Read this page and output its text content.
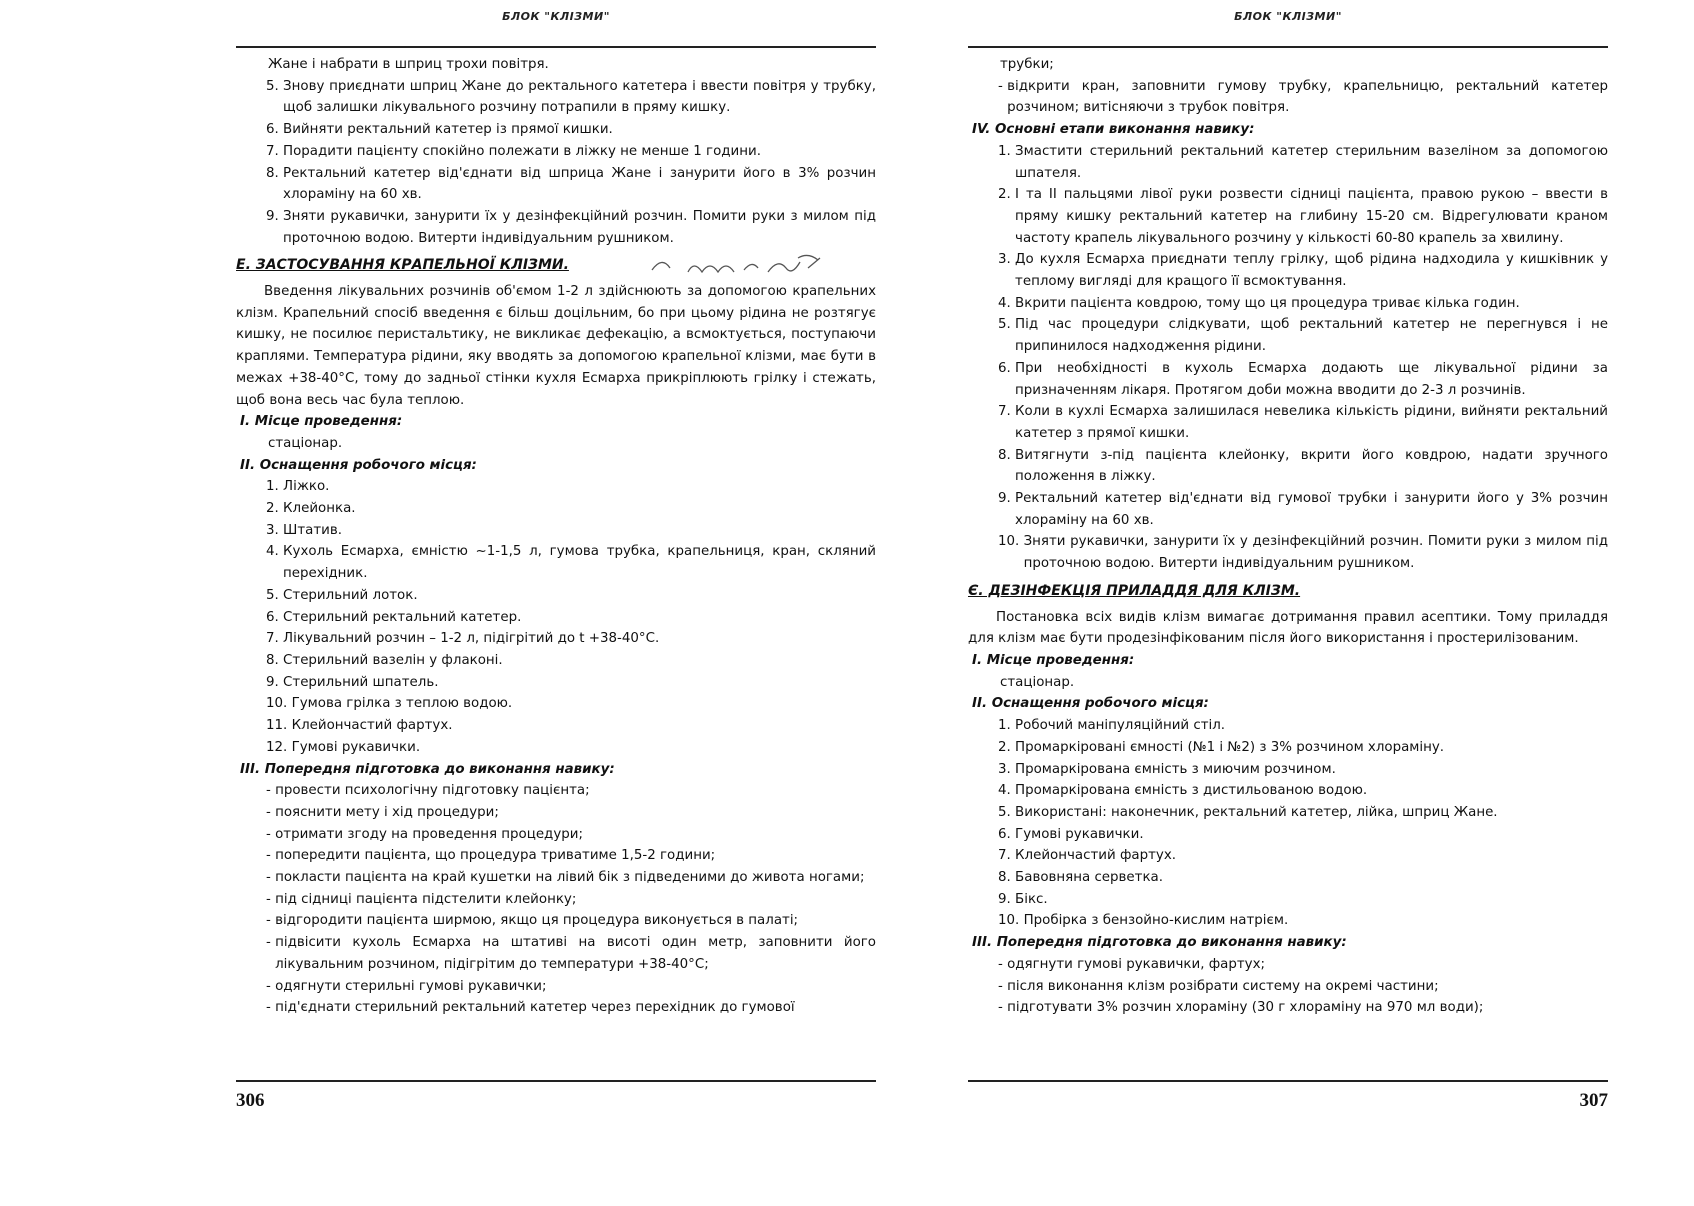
БЛОК "КЛІЗМИ"

Жане і набрати в шприц трохи повітря.

5. Знову приєднати шприц Жане до ректального катетера і ввести повітря у трубку, щоб залишки лікувального розчину потрапили в пряму кишку.
6. Вийняти ректальний катетер із прямої кишки.
7. Порадити пацієнту спокійно полежати в ліжку не менше 1 години.
8. Ректальний катетер від'єднати від шприца Жане і занурити його в 3% розчин хлораміну на 60 хв.
9. Зняти рукавички, занурити їх у дезінфекційний розчин. Помити руки з милом під проточною водою. Витерти індивідуальним рушником.
Е. ЗАСТОСУВАННЯ КРАПЕЛЬНОЇ КЛІЗМИ.

Введення лікувальних розчинів об'ємом 1-2 л здійснюють за допомогою крапельних клізм. Крапельний спосіб введення є більш доцільним, бо при цьому рідина не розтягує кишку, не посилює перистальтику, не викликає дефекацію, а всмоктується, поступаючи краплями. Температура рідини, яку вводять за допомогою крапельної клізми, має бути в межах +38-40°С, тому до задньої стінки кухля Есмарха прикріплюють грілку і стежать, щоб вона весь час була теплою.

І. Місце проведення:

стаціонар.

ІІ. Оснащення робочого місця:
1. Ліжко.
2. Клейонка.
3. Штатив.
4. Кухоль Есмарха, ємністю ~1-1,5 л, гумова трубка, крапельниця, кран, скляний перехідник.
5. Стерильний лоток.
6. Стерильний ректальний катетер.
7. Лікувальний розчин – 1-2 л, підігрітий до t +38-40°С.
8. Стерильний вазелін у флаконі.
9. Стерильний шпатель.
10. Гумова грілка з теплою водою.
11. Клейончастий фартух.
12. Гумові рукавички.
ІІІ. Попередня підготовка до виконання навику:
- провести психологічну підготовку пацієнта;
- пояснити мету і хід процедури;
- отримати згоду на проведення процедури;
- попередити пацієнта, що процедура триватиме 1,5-2 години;
- покласти пацієнта на край кушетки на лівий бік з підведеними до живота ногами;
- під сідниці пацієнта підстелити клейонку;
- відгородити пацієнта ширмою, якщо ця процедура виконується в палаті;
- підвісити кухоль Есмарха на штативі на висоті один метр, заповнити його лікувальним розчином, підігрітим до температури +38-40°С;
- одягнути стерильні гумові рукавички;
- під'єднати стерильний ректальний катетер через перехідник до гумової
306
БЛОК "КЛІЗМИ"

трубки;

- відкрити кран, заповнити гумову трубку, крапельницю, ректальний катетер розчином; витісняючи з трубок повітря.
IV. Основні етапи виконання навику:
1. Змастити стерильний ректальний катетер стерильним вазеліном за допомогою шпателя.
2. І та ІІ пальцями лівої руки розвести сідниці пацієнта, правою рукою – ввести в пряму кишку ректальний катетер на глибину 15-20 см. Відрегулювати краном частоту крапель лікувального розчину у кількості 60-80 крапель за хвилину.
3. До кухля Есмарха приєднати теплу грілку, щоб рідина надходила у кишківник у теплому вигляді для кращого її всмоктування.
4. Вкрити пацієнта ковдрою, тому що ця процедура триває кілька годин.
5. Під час процедури слідкувати, щоб ректальний катетер не перегнувся і не припинилося надходження рідини.
6. При необхідності в кухоль Есмарха додають ще лікувальної рідини за призначенням лікаря. Протягом доби можна вводити до 2-3 л розчинів.
7. Коли в кухлі Есмарха залишилася невелика кількість рідини, вийняти ректальний катетер з прямої кишки.
8. Витягнути з-під пацієнта клейонку, вкрити його ковдрою, надати зручного положення в ліжку.
9. Ректальний катетер від'єднати від гумової трубки і занурити його у 3% розчин хлораміну на 60 хв.
10. Зняти рукавички, занурити їх у дезінфекційний розчин. Помити руки з милом під проточною водою. Витерти індивідуальним рушником.
Є. ДЕЗІНФЕКЦІЯ ПРИЛАДДЯ ДЛЯ КЛІЗМ.

Постановка всіх видів клізм вимагає дотримання правил асептики. Тому приладдя для клізм має бути продезінфікованим після його використання і простерилізованим.

І. Місце проведення:

стаціонар.

ІІ. Оснащення робочого місця:
1. Робочий маніпуляційний стіл.
2. Промаркіровані ємності (№1 і №2) з 3% розчином хлораміну.
3. Промаркірована ємність з миючим розчином.
4. Промаркірована ємність з дистильованою водою.
5. Використані: наконечник, ректальний катетер, лійка, шприц Жане.
6. Гумові рукавички.
7. Клейончастий фартух.
8. Бавовняна серветка.
9. Бікс.
10. Пробірка з бензойно-кислим натрієм.
ІІІ. Попередня підготовка до виконання навику:
- одягнути гумові рукавички, фартух;
- після виконання клізм розібрати систему на окремі частини;
- підготувати 3% розчин хлораміну (30 г хлораміну на 970 мл води);
307
